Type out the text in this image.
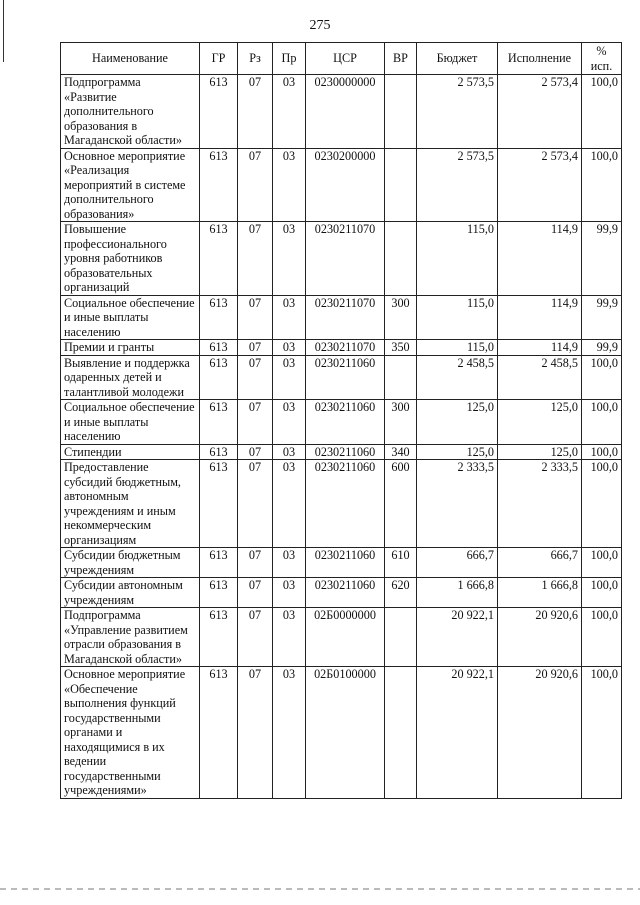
275
Наименование	ГР	Рз	Пр	ЦСР	ВР	Бюджет	Исполнение	%
исп.
Подпрограмма «Развитие дополнительного образования в Магаданской области»	613	07	03	0230000000		2 573,5	2 573,4	100,0
Основное мероприятие «Реализация мероприятий в системе дополнительного образования»	613	07	03	0230200000		2 573,5	2 573,4	100,0
Повышение профессионального уровня работников образовательных организаций	613	07	03	0230211070		115,0	114,9	99,9
Социальное обеспечение и иные выплаты населению	613	07	03	0230211070	300	115,0	114,9	99,9
Премии и гранты	613	07	03	0230211070	350	115,0	114,9	99,9
Выявление и поддержка одаренных детей и талантливой молодежи	613	07	03	0230211060		2 458,5	2 458,5	100,0
Социальное обеспечение и иные выплаты населению	613	07	03	0230211060	300	125,0	125,0	100,0
Стипендии	613	07	03	0230211060	340	125,0	125,0	100,0
Предоставление субсидий бюджетным, автономным учреждениям и иным некоммерческим организациям	613	07	03	0230211060	600	2 333,5	2 333,5	100,0
Субсидии бюджетным учреждениям	613	07	03	0230211060	610	666,7	666,7	100,0
Субсидии автономным учреждениям	613	07	03	0230211060	620	1 666,8	1 666,8	100,0
Подпрограмма «Управление развитием отрасли образования в Магаданской области»	613	07	03	02Б0000000		20 922,1	20 920,6	100,0
Основное мероприятие «Обеспечение выполнения функций государственными органами и находящимися в их ведении государственными учреждениями»	613	07	03	02Б0100000		20 922,1	20 920,6	100,0
